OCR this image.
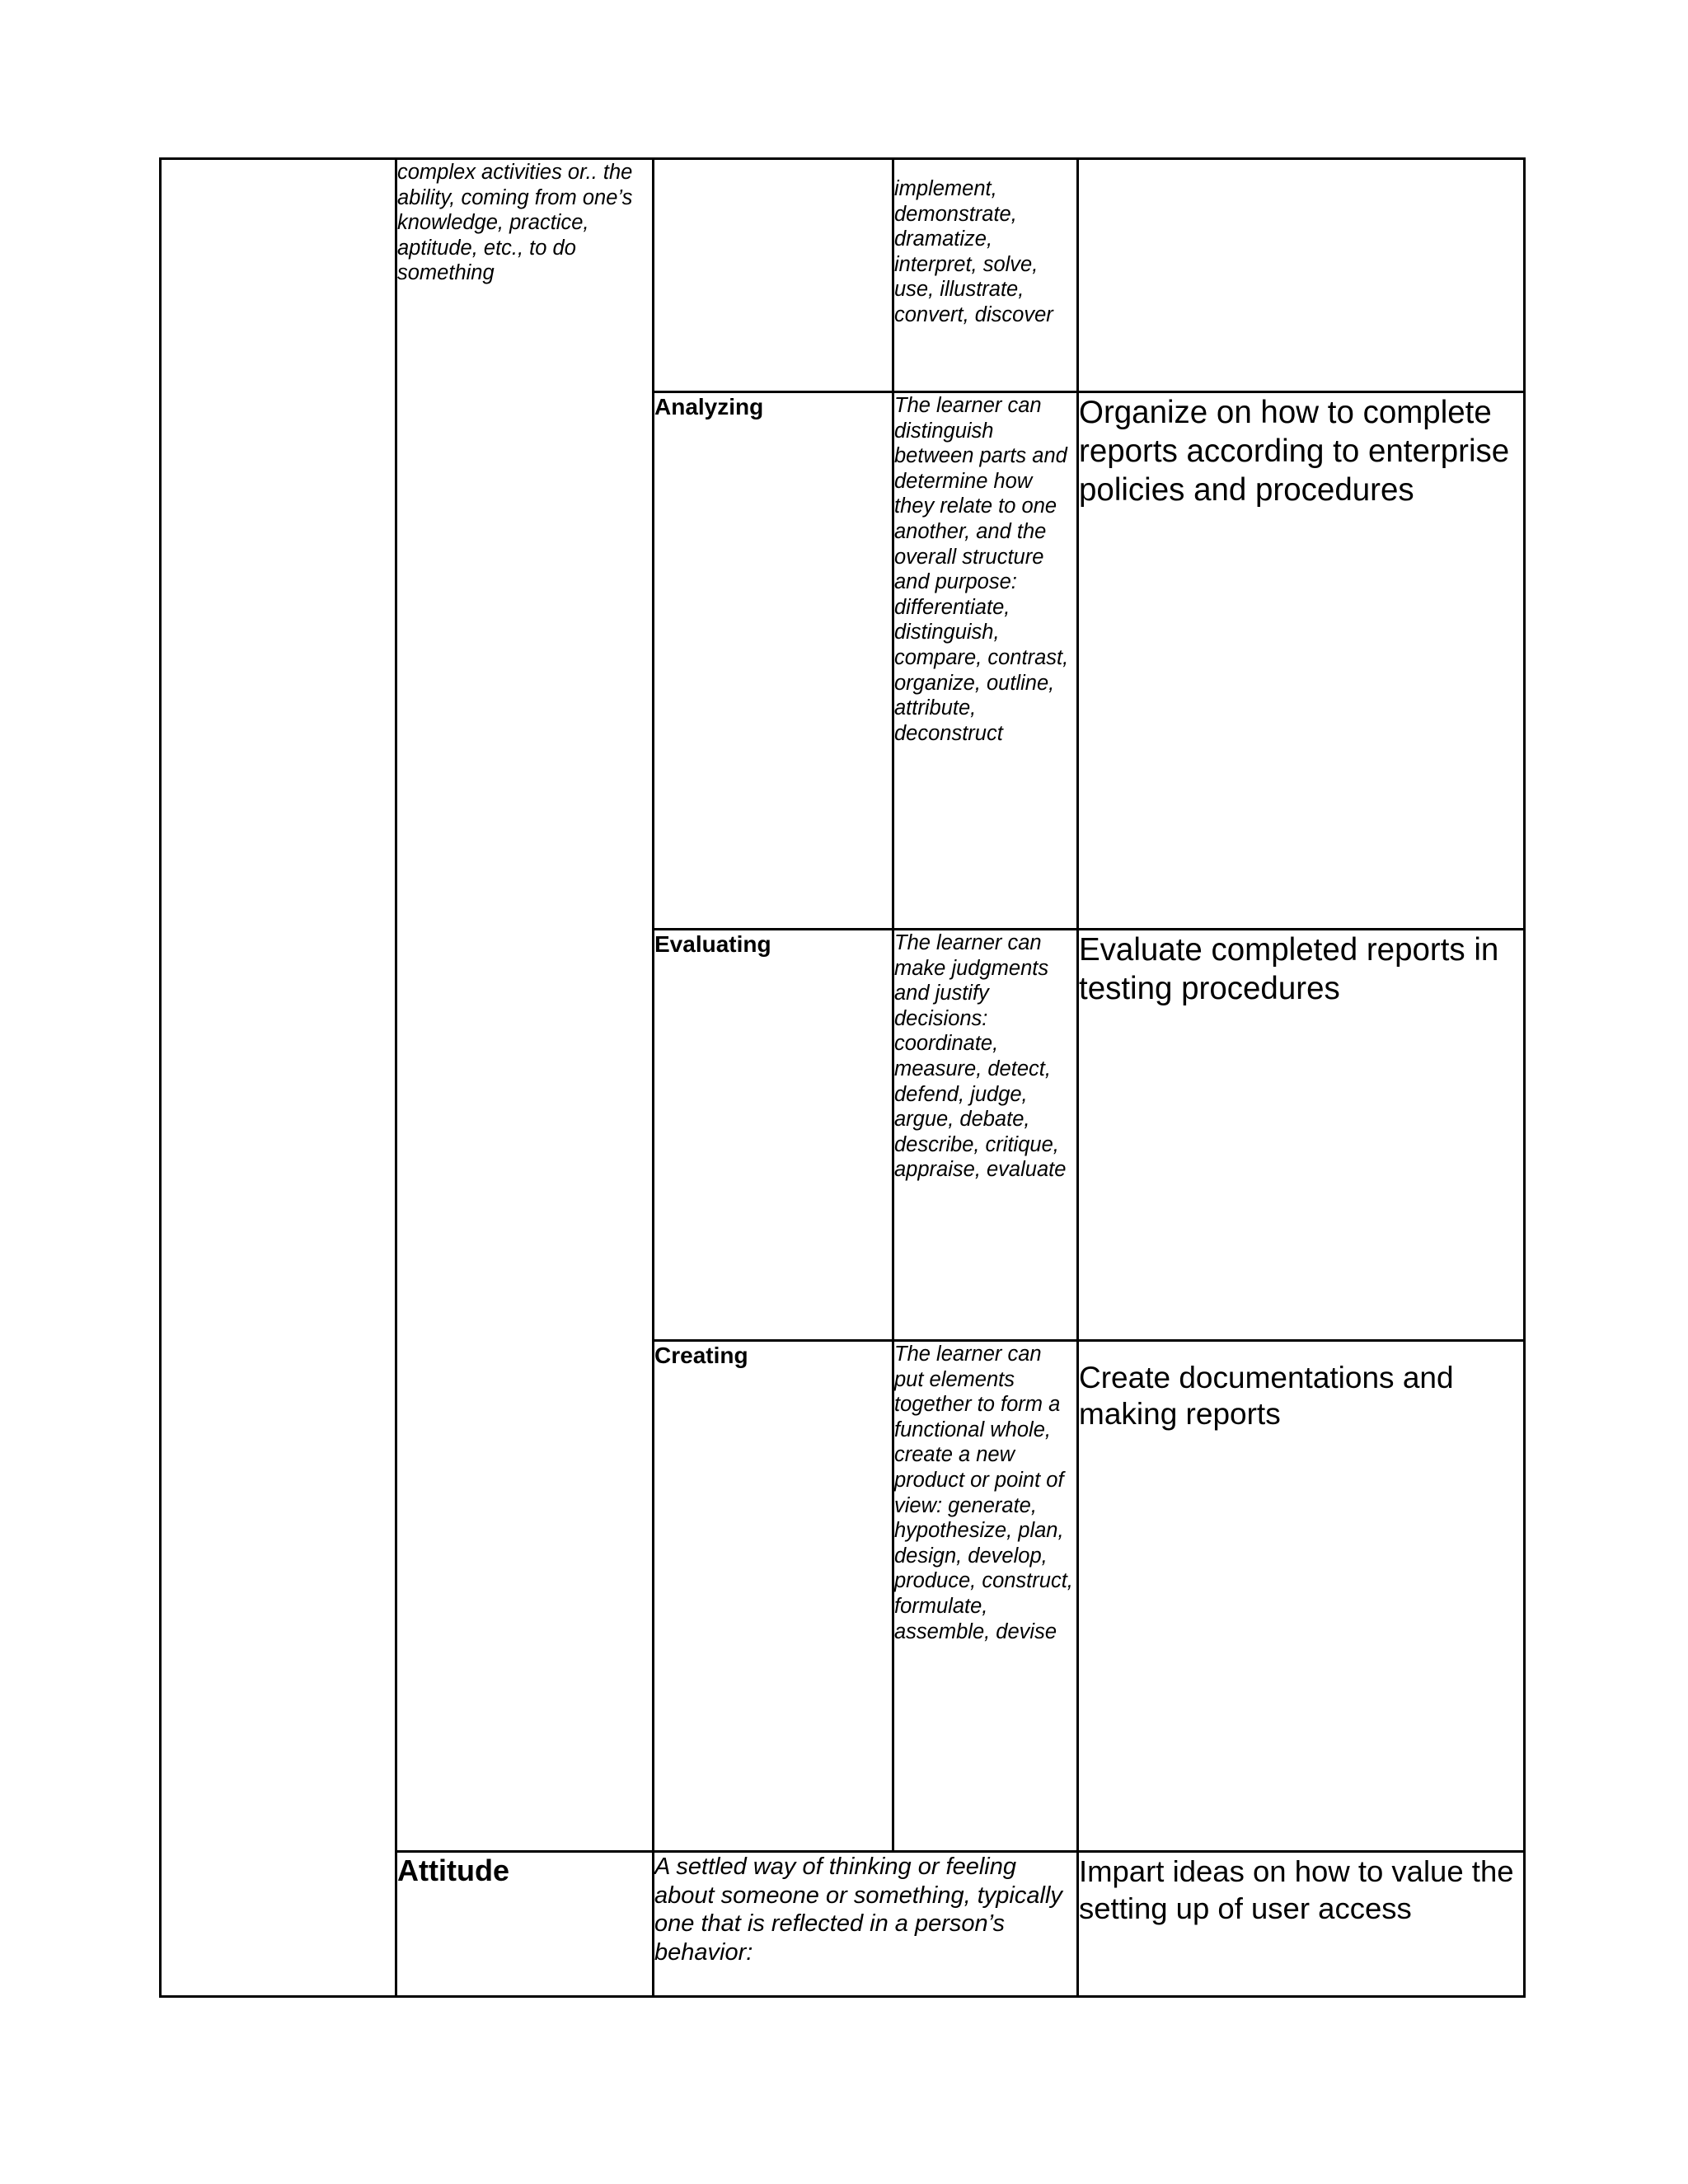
	complex activities or.. the ability, coming from one’s knowledge, practice, aptitude, etc., to do something		implement, demonstrate, dramatize, interpret, solve, use, illustrate, convert, discover	

		Analyzing	The learner can distinguish between parts and determine how they relate to one another, and the overall structure and purpose: differentiate, distinguish, compare, contrast, organize, outline, attribute, deconstruct	Organize on how to complete reports according to enterprise policies and procedures

		Evaluating	The learner can make judgments and justify decisions: coordinate, measure, detect, defend, judge, argue, debate, describe, critique, appraise, evaluate	Evaluate completed reports in testing procedures

		Creating	The learner can put elements together to form a functional whole, create a new product or point of view: generate, hypothesize, plan, design, develop, produce, construct, formulate, assemble, devise	Create documentations and making reports

	Attitude	A settled way of thinking or feeling about someone or something, typically one that is reflected in a person’s behavior:		Impart ideas on how to value the setting up of user access
